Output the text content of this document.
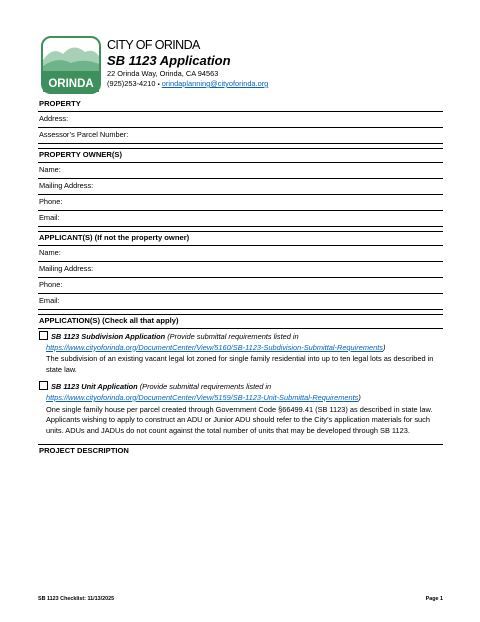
ORINDA
CITY OF ORINDA
SB 1123 Application
22 Orinda Way, Orinda, CA 94563
(925)253-4210 ▪ orindaplanning@cityoforinda.org
PROPERTY
Address:
Assessor’s Parcel Number:
PROPERTY OWNER(S)
Name:
Mailing Address:
Phone:
Email:
APPLICANT(S) (If not the property owner)
Name:
Mailing Address:
Phone:
Email:
APPLICATION(S) (Check all that apply)
SB 1123 Subdivision Application (Provide submittal requirements listed in
https://www.cityoforinda.org/DocumentCenter/View/5160/SB-1123-Subdivision-Submittal-Requirements)
The subdivision of an existing vacant legal lot zoned for single family residential into up to ten legal lots as described in state law.
SB 1123 Unit Application (Provide submittal requirements listed in
https://www.cityoforinda.org/DocumentCenter/View/5159/SB-1123-Unit-Submittal-Requirements)
One single family house per parcel created through Government Code §66499.41 (SB 1123) as described in state law. Applicants wishing to apply to construct an ADU or Junior ADU should refer to the City’s application materials for such units. ADUs and JADUs do not count against the total number of units that may be developed through SB 1123.
PROJECT DESCRIPTION
SB 1123 Checklist: 11/13/2025	Page 1
